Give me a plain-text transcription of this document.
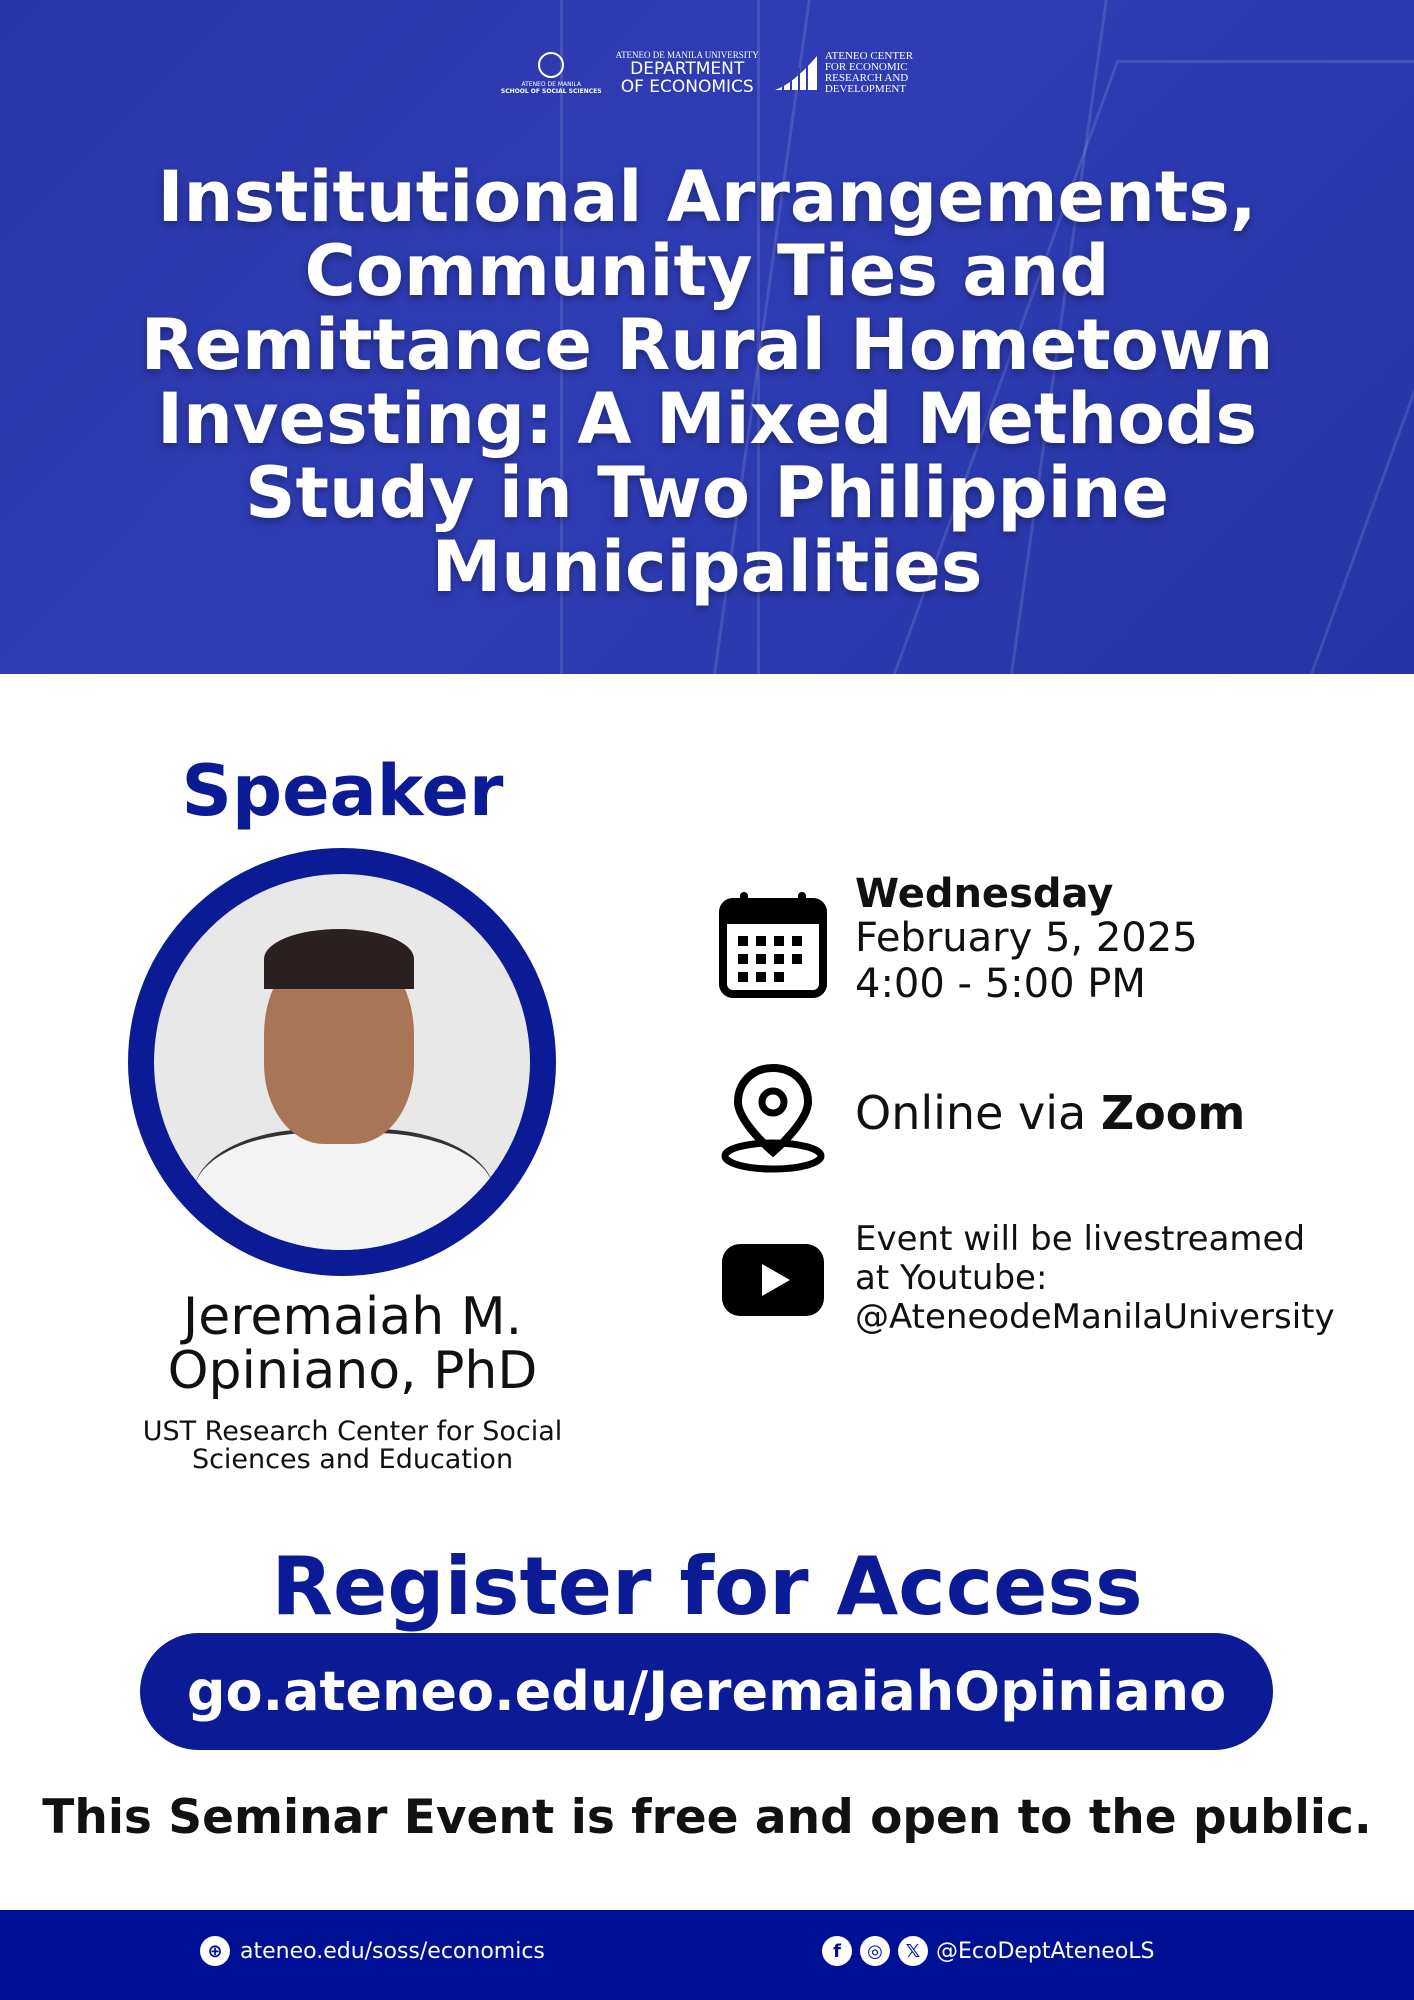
ATENEO DE MANILA
SCHOOL OF SOCIAL SCIENCES
ATENEO DE MANILA UNIVERSITY
DEPARTMENT
OF ECONOMICS
ATENEO CENTER
FOR ECONOMIC
RESEARCH AND
DEVELOPMENT
Institutional Arrangements,
Community Ties and
Remittance Rural Hometown
Investing: A Mixed Methods
Study in Two Philippine
Municipalities
Speaker
Jeremaiah M.
Opiniano, PhD
UST Research Center for Social
Sciences and Education
Wednesday
February 5, 2025
4:00 - 5:00 PM
Online via Zoom
Event will be livestreamed
at Youtube:
@AteneodeManilaUniversity
Register for Access
go.ateneo.edu/JeremaiahOpiniano
This Seminar Event is free and open to the public.
⊕ ateneo.edu/soss/economics	f	◎	𝕏 @EcoDeptAteneoLS
